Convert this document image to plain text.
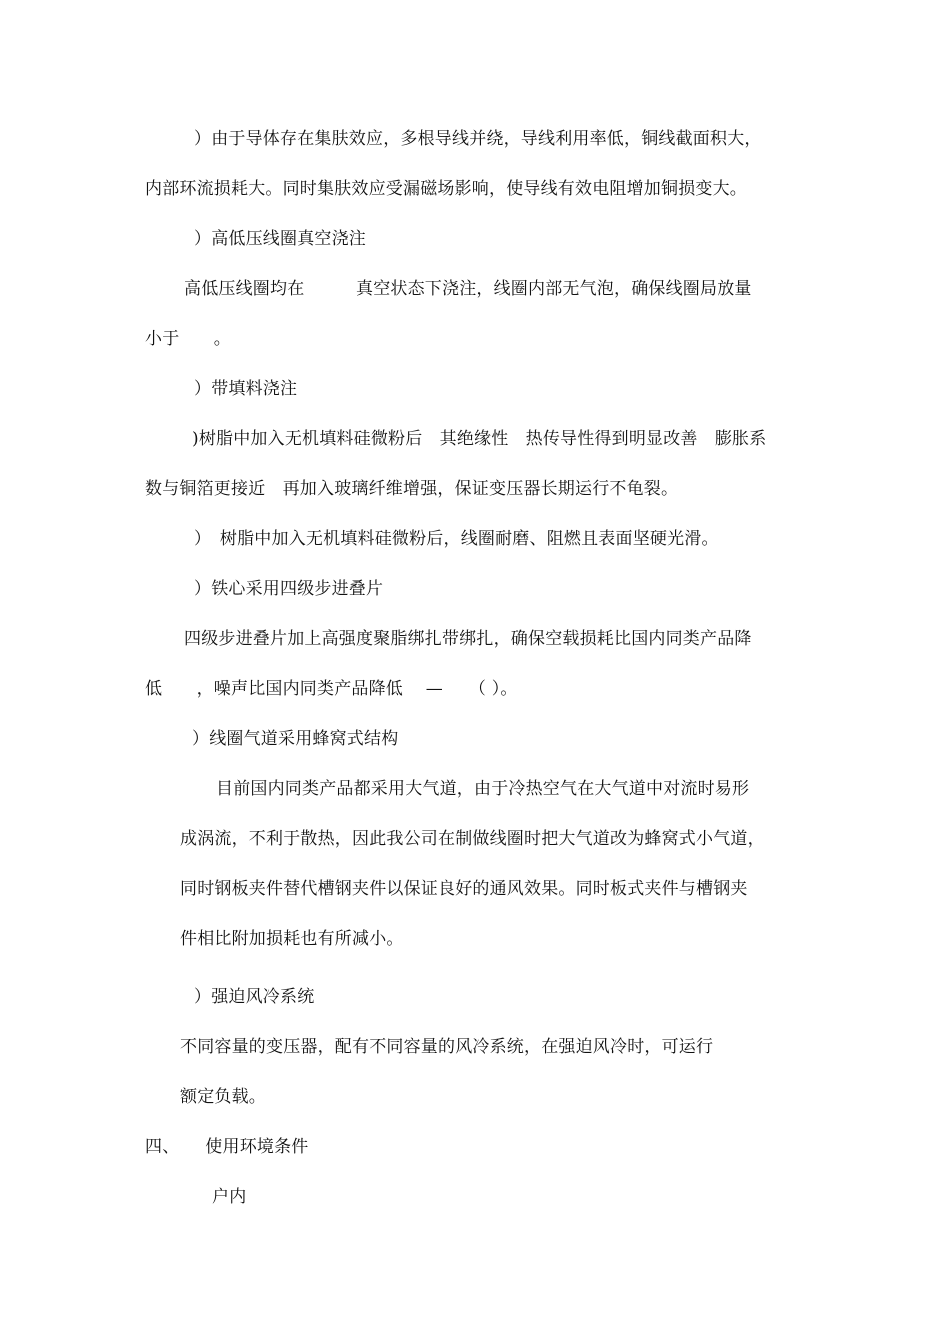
）由于导体存在集肤效应，多根导线并绕，导线利用率低，铜线截面积大，
内部环流损耗大。同时集肤效应受漏磁场影响，使导线有效电阻增加铜损变大。
）高低压线圈真空浇注
高低压线圈均在　　　真空状态下浇注，线圈内部无气泡，确保线圈局放量
小于　　。
）带填料浇注
)树脂中加入无机填料硅微粉后　其绝缘性　热传导性得到明显改善　膨胀系
数与铜箔更接近　再加入玻璃纤维增强，保证变压器长期运行不龟裂。
）　树脂中加入无机填料硅微粉后，线圈耐磨、阻燃且表面坚硬光滑。
）铁心采用四级步进叠片
四级步进叠片加上高强度聚脂绑扎带绑扎，确保空载损耗比国内同类产品降
低　　，噪声比国内同类产品降低　 —　　（ ）。
）线圈气道采用蜂窝式结构
目前国内同类产品都采用大气道，由于冷热空气在大气道中对流时易形
成涡流，不利于散热，因此我公司在制做线圈时把大气道改为蜂窝式小气道，
同时钢板夹件替代槽钢夹件以保证良好的通风效果。同时板式夹件与槽钢夹
件相比附加损耗也有所减小。
）强迫风冷系统
不同容量的变压器，配有不同容量的风冷系统，在强迫风冷时，可运行
额定负载。
四、　　使用环境条件
户内
